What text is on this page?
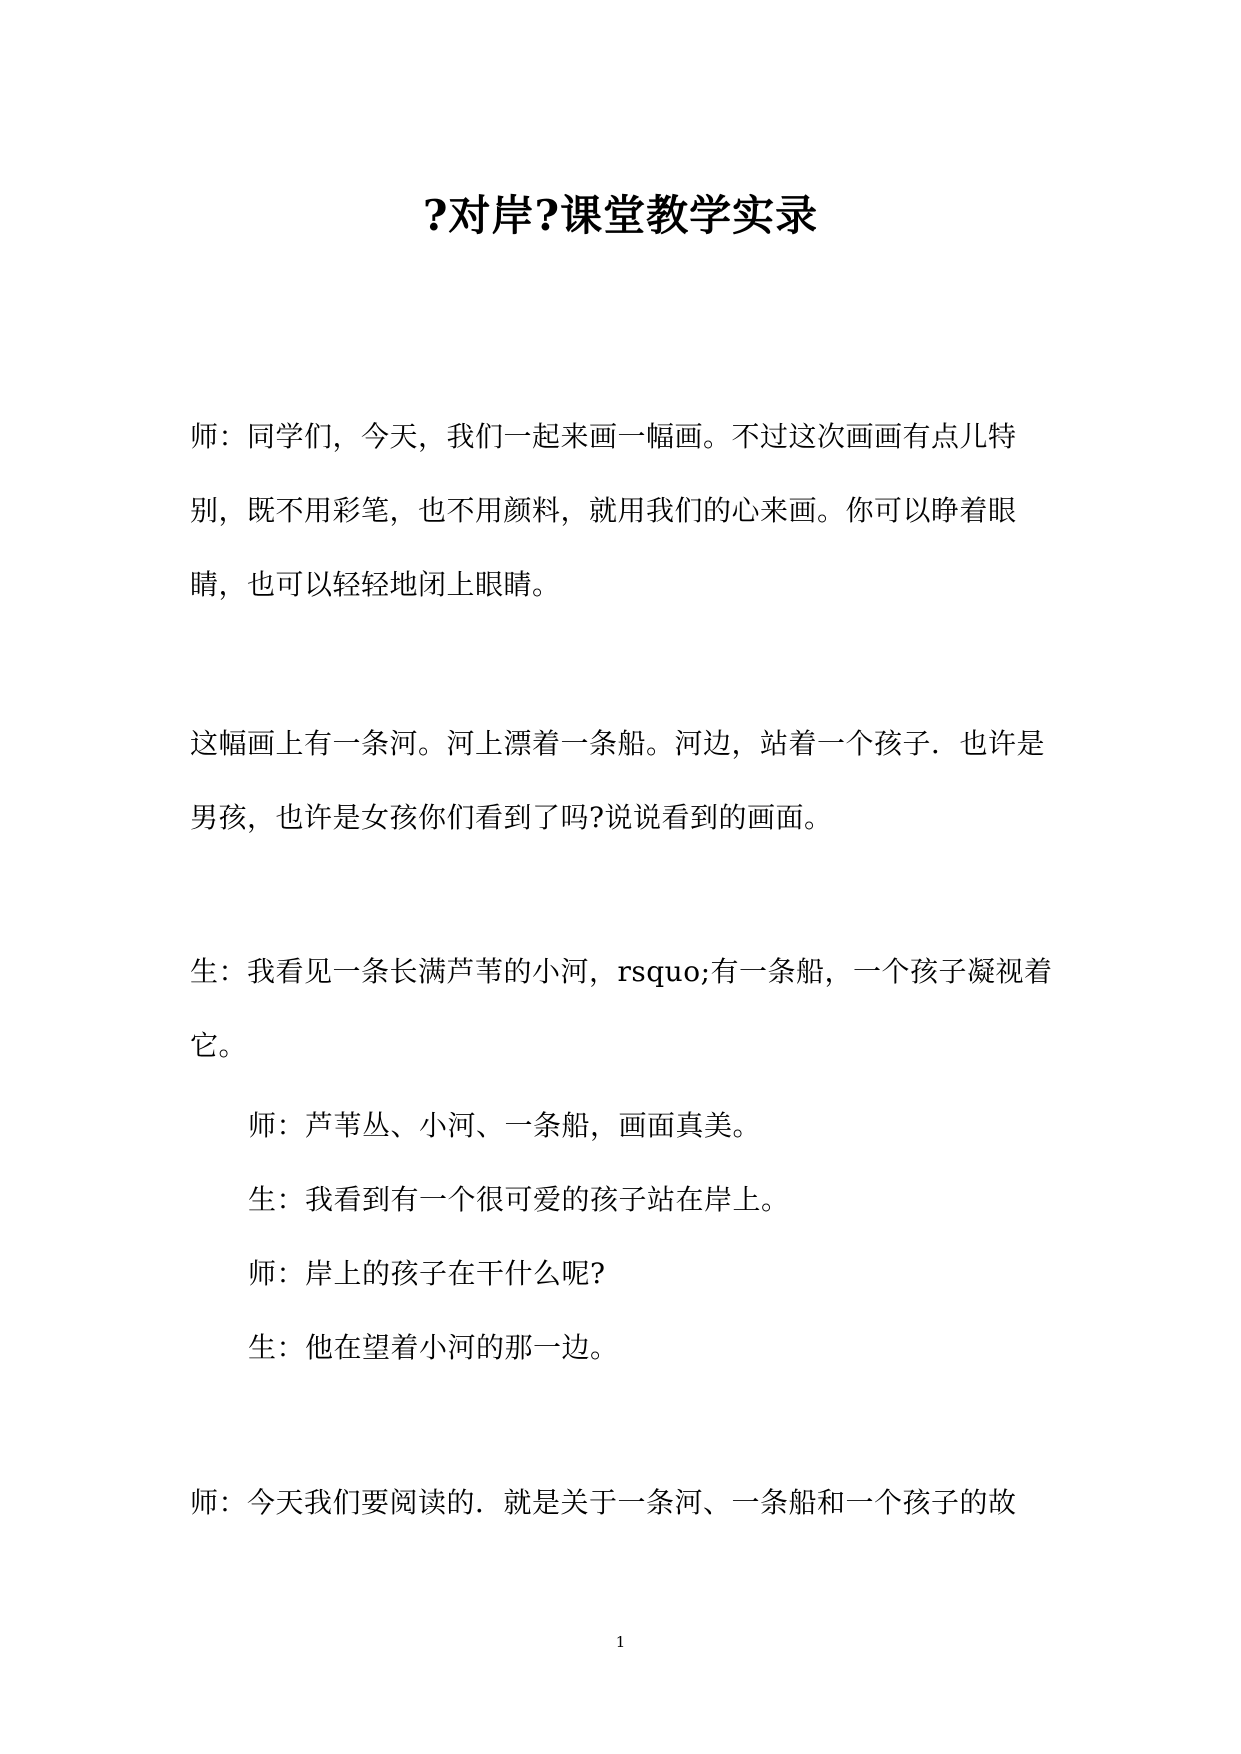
?对岸?课堂教学实录

师：同学们，今天，我们一起来画一幅画。不过这次画画有点儿特别，既不用彩笔，也不用颜料，就用我们的心来画。你可以睁着眼睛，也可以轻轻地闭上眼睛。

这幅画上有一条河。河上漂着一条船。河边，站着一个孩子．也许是男孩，也许是女孩你们看到了吗?说说看到的画面。

生：我看见一条长满芦苇的小河，rsquo;有一条船，一个孩子凝视着它。

师：芦苇丛、小河、一条船，画面真美。

生：我看到有一个很可爱的孩子站在岸上。

师：岸上的孩子在干什么呢?

生：他在望着小河的那一边。

师：今天我们要阅读的．就是关于一条河、一条船和一个孩子的故

1
